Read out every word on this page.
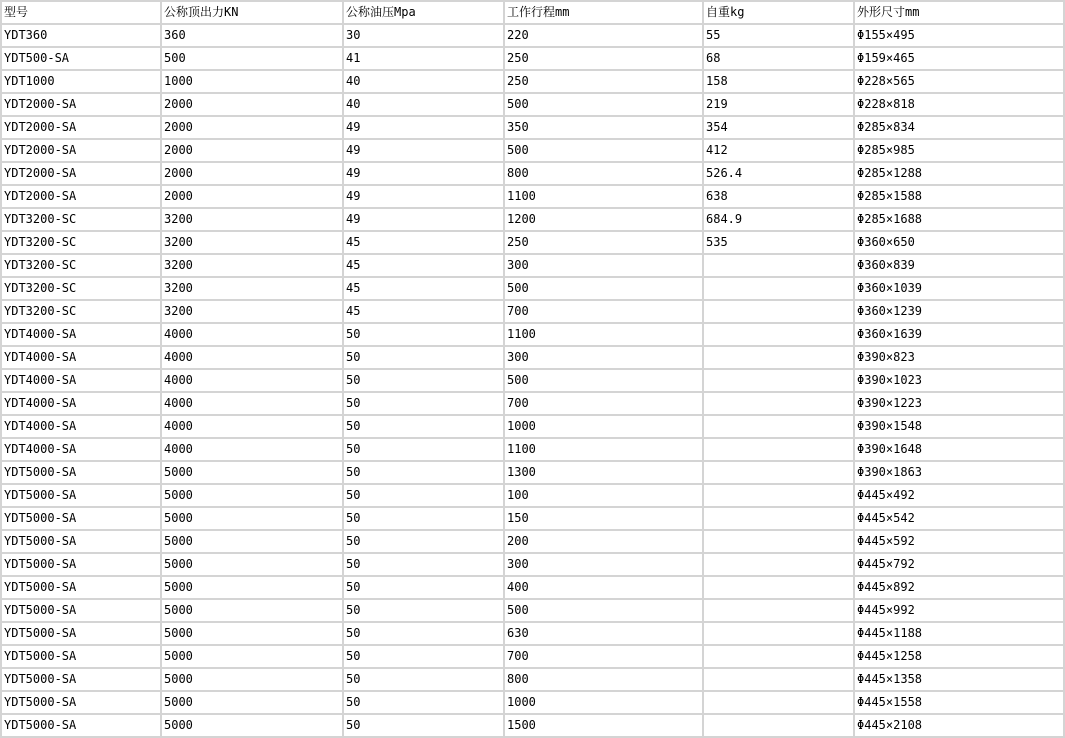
型号	公称顶出力KN	公称油压Mpa	工作行程mm	自重kg	外形尺寸mm
YDT360	360	30	220	55	Φ155×495
YDT500-SA	500	41	250	68	Φ159×465
YDT1000	1000	40	250	158	Φ228×565
YDT2000-SA	2000	40	500	219	Φ228×818
YDT2000-SA	2000	49	350	354	Φ285×834
YDT2000-SA	2000	49	500	412	Φ285×985
YDT2000-SA	2000	49	800	526.4	Φ285×1288
YDT2000-SA	2000	49	1100	638	Φ285×1588
YDT3200-SC	3200	49	1200	684.9	Φ285×1688
YDT3200-SC	3200	45	250	535	Φ360×650
YDT3200-SC	3200	45	300		Φ360×839
YDT3200-SC	3200	45	500		Φ360×1039
YDT3200-SC	3200	45	700		Φ360×1239
YDT4000-SA	4000	50	1100		Φ360×1639
YDT4000-SA	4000	50	300		Φ390×823
YDT4000-SA	4000	50	500		Φ390×1023
YDT4000-SA	4000	50	700		Φ390×1223
YDT4000-SA	4000	50	1000		Φ390×1548
YDT4000-SA	4000	50	1100		Φ390×1648
YDT5000-SA	5000	50	1300		Φ390×1863
YDT5000-SA	5000	50	100		Φ445×492
YDT5000-SA	5000	50	150		Φ445×542
YDT5000-SA	5000	50	200		Φ445×592
YDT5000-SA	5000	50	300		Φ445×792
YDT5000-SA	5000	50	400		Φ445×892
YDT5000-SA	5000	50	500		Φ445×992
YDT5000-SA	5000	50	630		Φ445×1188
YDT5000-SA	5000	50	700		Φ445×1258
YDT5000-SA	5000	50	800		Φ445×1358
YDT5000-SA	5000	50	1000		Φ445×1558
YDT5000-SA	5000	50	1500		Φ445×2108
